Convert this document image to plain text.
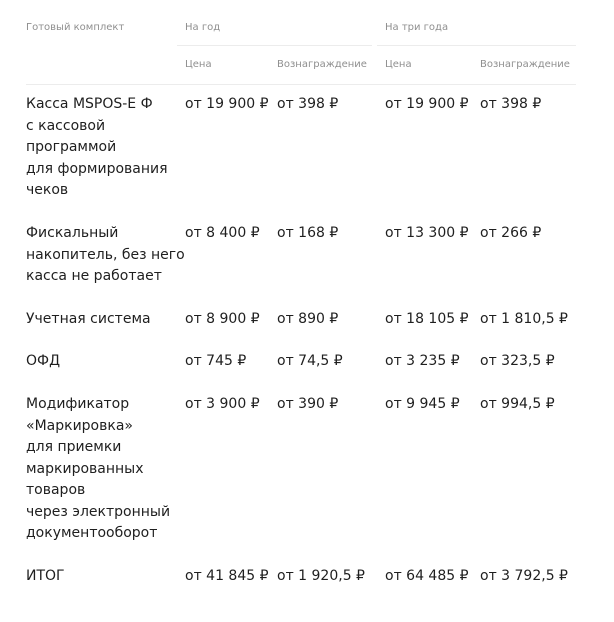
Готовый комплект	На год	На три года
Цена	Вознаграждение Цена	Вознаграждение
Касса MSPOS-E Ф
с кассовой
программой
для формирования
чеков
от 19 900 ₽ от 398 ₽	от 19 900 ₽ от 398 ₽
Фискальный
накопитель, без него
касса не работает
от 8 400 ₽ от 168 ₽	от 13 300 ₽ от 266 ₽
Учетная система от 8 900 ₽ от 890 ₽	от 18 105 ₽ от 1 810,5 ₽
ОФД	от 745 ₽ от 74,5 ₽	от 3 235 ₽ от 323,5 ₽
Модификатор
«Маркировка»
для приемки
маркированных
товаров
через электронный
документооборот
от 3 900 ₽ от 390 ₽	от 9 945 ₽ от 994,5 ₽
ИТОГ	от 41 845 ₽ от 1 920,5 ₽ от 64 485 ₽ от 3 792,5 ₽
